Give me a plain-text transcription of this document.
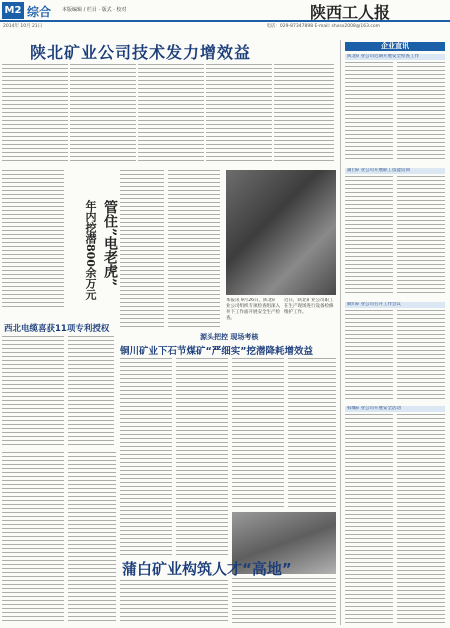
M2 综合 本版编辑 / 栏目 · 版式 · 校对	陕西工人报
2014年 10月 21日	电话：029-87347898 E-mail: shxsx2008@163.com
陕北矿业公司技术发力增效益	企业直讯
陕北矿业公司近期开展安全检查工作
蒲白矿业公司开展职工技能培训
铜川矿业公司召开工作会议
韩城矿业公司开展安全活动
管住”电老虎”
年内挖潜800余万元
本报讯 9月26日，陕北矿业公司组织专项检查组深入井下工作面开展安全生产检查。
近日，陕北矿业公司职工在生产现场进行设备检修维护工作。
西北电缆喜获11项专利授权
源头把控 现场考核
铜川矿业下石节煤矿“严细实”挖潜降耗增效益
蒲白矿业构筑人才“高地”
